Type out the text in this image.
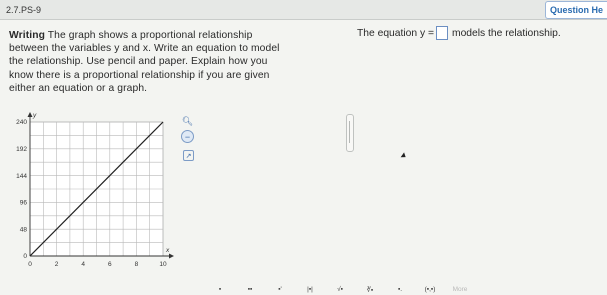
2.7.PS-9	Question He
Writing The graph shows a proportional relationship
between the variables y and x. Write an equation to model
the relationship. Use pencil and paper. Explain how you
know there is a proportional relationship if you are given
either an equation or a graph.
The equation y = models the relationship.
x
y
0	2	4	6	8	10
0
48
96
144
192
240	🔍︎
−
↗
▪	▪▪	▪'	|▪|	√▪	∛▪	▪.	(▪,▪)	More
